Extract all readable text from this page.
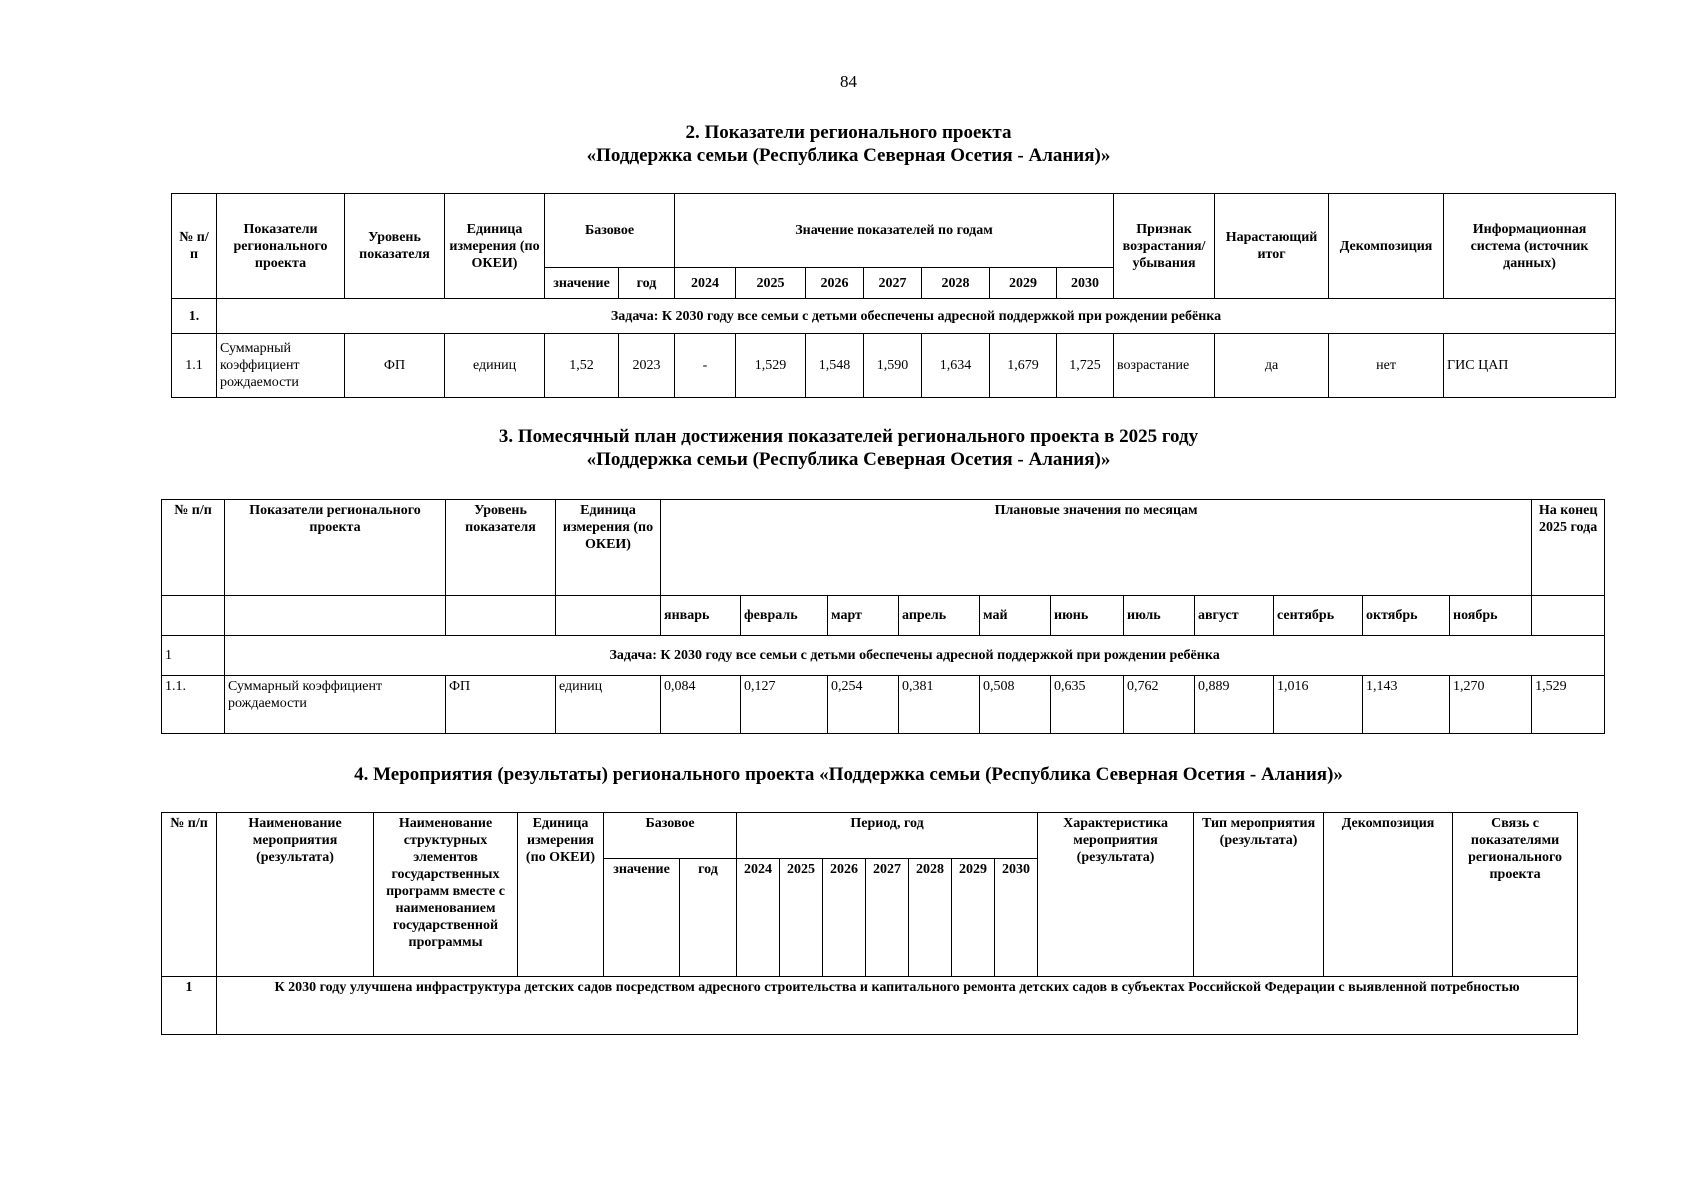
84
2. Показатели регионального проекта
«Поддержка семьи (Республика Северная Осетия - Алания)»
№ п/ п	Показатели регионального проекта	Уровень показателя	Единица измерения (по ОКЕИ)	Базовое		Значение показателей по годам							Признак возрастания/ убывания	Нарастающий итог	Декомпозиция	Информационная система (источник данных)
				значение	год	2024	2025	2026	2027	2028	2029	2030				
1.	Задача: К 2030 году все семьи с детьми обеспечены адресной поддержкой при рождении ребёнка															
1.1	Суммарный коэффициент рождаемости	ФП	единиц	1,52	2023	-	1,529	1,548	1,590	1,634	1,679	1,725	возрастание	да	нет	ГИС ЦАП
3. Помесячный план достижения показателей регионального проекта в 2025 году
«Поддержка семьи (Республика Северная Осетия - Алания)»
№ п/п	Показатели регионального проекта	Уровень показателя	Единица измерения (по ОКЕИ)	Плановые значения по месяцам											На конец 2025 года
				январь	февраль	март	апрель	май	июнь	июль	август	сентябрь	октябрь	ноябрь	
1	Задача: К 2030 году все семьи с детьми обеспечены адресной поддержкой при рождении ребёнка														
1.1.	Суммарный коэффициент рождаемости	ФП	единиц	0,084	0,127	0,254	0,381	0,508	0,635	0,762	0,889	1,016	1,143	1,270	1,529
4. Мероприятия (результаты) регионального проекта «Поддержка семьи (Республика Северная Осетия - Алания)»
№ п/п	Наименование мероприятия (результата)	Наименование структурных элементов государственных программ вместе с наименованием государственной программы	Единица измерения (по ОКЕИ)	Базовое		Период, год							Характеристика мероприятия (результата)	Тип мероприятия (результата)	Декомпозиция	Связь с показателями регионального проекта
				значение	год	2024	2025	2026	2027	2028	2029	2030				
1	К 2030 году улучшена инфраструктура детских садов посредством адресного строительства и капитального ремонта детских садов в субъектах Российской Федерации с выявленной потребностью															
